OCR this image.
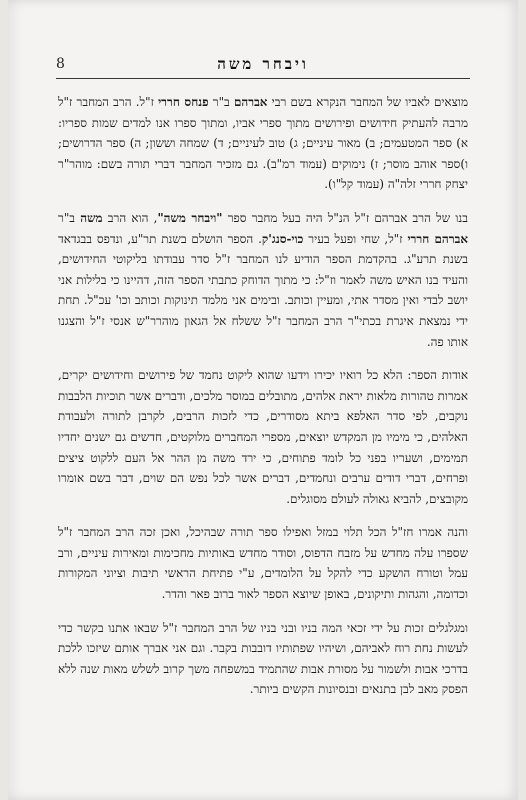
8	ויבחר משה

מוצאים לאביו של המחבר הנקרא בשם רבי אברהם ב"ר פנחס חררי ז"ל. הרב המחבר ז"ל מרבה להעתיק חידושים ופירושים מתוך ספרי אביו, ומתוך ספרו אנו למדים שמות ספריו: א) ספר המטעמים; ב) מאור עיניים; ג) טוב לעיניים; ד) שמחה וששון; ה) ספר הדרושים; ו)ספר אוהב מוסר; ז) נימוקים (עמוד רמ"ב). גם מזכיר המחבר דברי תורה בשם: מוהר"ר יצחק חררי זלה"ה (עמוד קל"ו).

בנו של הרב אברהם ז"ל הנ"ל היה בעל מחבר ספר "ויבחר משה", הוא הרב משה ב"ר אברהם חררי ז"ל, שחי ופעל בעיר כוי-סנג'ק. הספר הושלם בשנת תר"ע, ונדפס בבגדאד בשנת תרע"ג. בהקדמת הספר הודיע לנו המחבר ז"ל סדר עבודתו בליקוטי החידושים, והעיד בנו האיש משה לאמר וז"ל: כי מתוך הדוחק כתבתי הספר הזה, דהיינו כי בלילות אני יושב לבדי ואין מסדר אתי, ומעיין וכותב. ובימים אני מלמד תינוקות וכותב וכו' עכ"ל. תחת ידי נמצאת איגרת בכתי"ר הרב המחבר ז"ל ששלח אל הגאון מוהרר"ש אנסי ז"ל והצגנו אותו פה.

אודות הספר: הלא כל רואיו יכירו וידעו שהוא ליקוט נחמד של פירושים וחידושים יקרים, אמרות טהורות מלאות יראת אלהים, מתובלים במוסר מלכים, ודברים אשר תוכיות הלבבות נוקבים, לפי סדר האלפא ביתא מסודרים, כדי לזכות הרבים, לקרבן לתורה ולעבודת האלהים, כי מימיו מן המקדש יוצאים, מספרי המחברים מלוקטים, חדשים גם ישנים יחדיו תמימים, ושעריו בפני כל לומד פתוחים, כי ירד משה מן ההר אל העם ללקוט ציצים ופרחים, דברי דודים ערבים ונחמדים, דברים אשר לכל נפש הם שוים, דבר בשם אומרו מקובצים, להביא גאולה לעולם מסוגלים.

והנה אמרו חז"ל הכל תלוי במזל ואפילו ספר תורה שבהיכל, ואכן זכה הרב המחבר ז"ל שספרו עלה מחדש על מזבח הדפוס, וסודר מחדש באותיות מחכימות ומאירות עיניים, ורב עמל וטורח הושקע כדי להקל על הלומדים, ע"י פתיחת הראשי תיבות וציוני המקורות וכדומה, והגהות ותיקונים, באופן שיוצא הספר לאור ברוב פאר והדר.

ומגלגלים זכות על ידי זכאי המה בניו ובני בניו של הרב המחבר ז"ל שבאו אתנו בקשר כדי לעשות נחת רוח לאביהם, ושיהיו שפתותיו דובבות בקבר. וגם אני אברך אותם שיזכו ללכת בדרכי אבות ולשמור על מסורת אבות שהתמיד במשפחה משך קרוב לשלש מאות שנה ללא הפסק מאב לבן בתנאים ובנסיונות הקשים ביותר.
